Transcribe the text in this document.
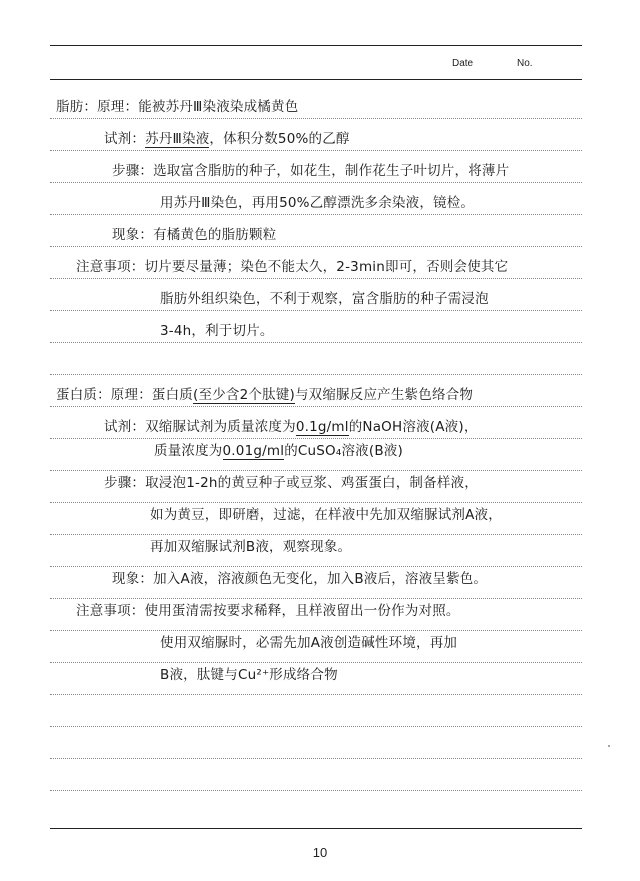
Date	No.
脂肪：原理：能被苏丹Ⅲ染液染成橘黄色
试剂：苏丹Ⅲ染液，体积分数50%的乙醇
步骤：选取富含脂肪的种子，如花生，制作花生子叶切片，将薄片
用苏丹Ⅲ染色，再用50%乙醇漂洗多余染液，镜检。
现象：有橘黄色的脂肪颗粒
注意事项：切片要尽量薄；染色不能太久，2-3min即可，否则会使其它
脂肪外组织染色，不利于观察，富含脂肪的种子需浸泡
3-4h，利于切片。
蛋白质：原理：蛋白质(至少含2个肽键)与双缩脲反应产生紫色络合物
试剂：双缩脲试剂为质量浓度为0.1g/ml的NaOH溶液(A液)，
质量浓度为0.01g/ml的CuSO₄溶液(B液)
步骤：取浸泡1-2h的黄豆种子或豆浆、鸡蛋蛋白，制备样液，
如为黄豆，即研磨，过滤，在样液中先加双缩脲试剂A液，
再加双缩脲试剂B液，观察现象。
现象：加入A液，溶液颜色无变化，加入B液后，溶液呈紫色。
注意事项：使用蛋清需按要求稀释，且样液留出一份作为对照。
使用双缩脲时，必需先加A液创造碱性环境，再加
B液，肽键与Cu²⁺形成络合物
10
